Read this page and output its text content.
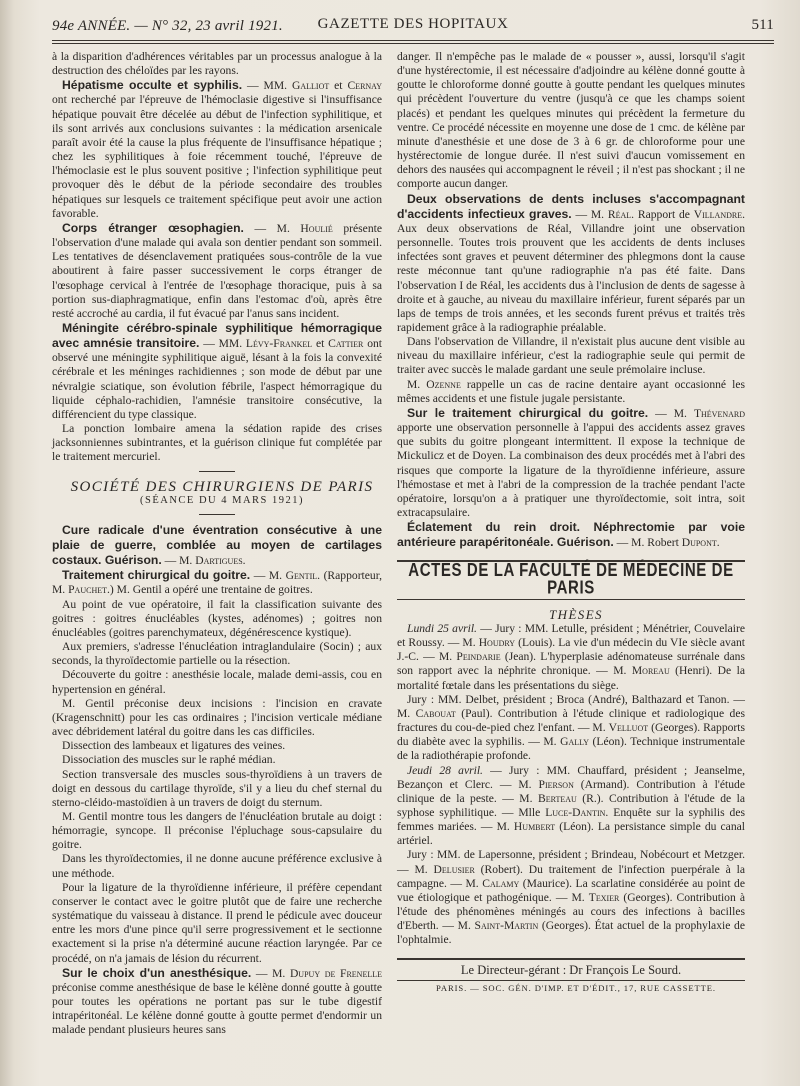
94e ANNÉE. — N° 32, 23 avril 1921.	GAZETTE DES HOPITAUX	511

à la disparition d'adhérences véritables par un processus analogue à la destruction des chéloïdes par les rayons.

Hépatisme occulte et syphilis. — MM. Galliot et Cernay ont recherché par l'épreuve de l'hémoclasie digestive si l'insuffisance hépatique pouvait être décelée au début de l'infection syphilitique, et ils sont arrivés aux conclusions suivantes : la médication arsenicale paraît avoir été la cause la plus fréquente de l'insuffisance hépatique ; chez les syphilitiques à foie récemment touché, l'épreuve de l'hémoclasie est le plus souvent positive ; l'infection syphilitique peut provoquer dès le début de la période secondaire des troubles hépatiques sur lesquels ce traitement spécifique peut avoir une action favorable.

Corps étranger œsophagien. — M. Houlié présente l'observation d'une malade qui avala son dentier pendant son sommeil. Les tentatives de désenclavement pratiquées sous-contrôle de la vue aboutirent à faire passer successivement le corps étranger de l'œsophage cervical à l'entrée de l'œsophage thoracique, puis à sa portion sus-diaphragmatique, enfin dans l'estomac d'où, après être resté accroché au cardia, il fut évacué par l'anus sans incident.

Méningite cérébro-spinale syphilitique hémorragique avec amnésie transitoire. — MM. Lévy-Frankel et Cattier ont observé une méningite syphilitique aiguë, lésant à la fois la convexité cérébrale et les méninges rachidiennes ; son mode de début par une névralgie sciatique, son évolution fébrile, l'aspect hémorragique du liquide céphalo-rachidien, l'amnésie transitoire consécutive, la différencient du type classique.

La ponction lombaire amena la sédation rapide des crises jacksonniennes subintrantes, et la guérison clinique fut complétée par le traitement mercuriel.

SOCIÉTÉ DES CHIRURGIENS DE PARIS

(SÉANCE DU 4 MARS 1921)

Cure radicale d'une éventration consécutive à une plaie de guerre, comblée au moyen de cartilages costaux. Guérison. — M. Dartigues.

Traitement chirurgical du goitre. — M. Gentil. (Rapporteur, M. Pauchet.) M. Gentil a opéré une trentaine de goitres.

Au point de vue opératoire, il fait la classification suivante des goitres : goitres énucléables (kystes, adénomes) ; goitres non énucléables (goitres parenchymateux, dégénérescence kystique).

Aux premiers, s'adresse l'énucléation intraglandulaire (Socin) ; aux seconds, la thyroïdectomie partielle ou la résection.

Découverte du goitre : anesthésie locale, malade demi-assis, cou en hypertension en général.

M. Gentil préconise deux incisions : l'incision en cravate (Kragenschnitt) pour les cas ordinaires ; l'incision verticale médiane avec débridement latéral du goitre dans les cas difficiles.

Dissection des lambeaux et ligatures des veines.

Dissociation des muscles sur le raphé médian.

Section transversale des muscles sous-thyroïdiens à un travers de doigt en dessous du cartilage thyroïde, s'il y a lieu du chef sternal du sterno-cléido-mastoïdien à un travers de doigt du sternum.

M. Gentil montre tous les dangers de l'énucléation brutale au doigt : hémorragie, syncope. Il préconise l'épluchage sous-capsulaire du goitre.

Dans les thyroïdectomies, il ne donne aucune préférence exclusive à une méthode.

Pour la ligature de la thyroïdienne inférieure, il préfère cependant conserver le contact avec le goitre plutôt que de faire une recherche systématique du vaisseau à distance. Il prend le pédicule avec douceur entre les mors d'une pince qu'il serre progressivement et le sectionne exactement si la prise n'a déterminé aucune réaction laryngée. Par ce procédé, on n'a jamais de lésion du récurrent.

Sur le choix d'un anesthésique. — M. Dupuy de Frenelle préconise comme anesthésique de base le kélène donné goutte à goutte pour toutes les opérations ne portant pas sur le tube digestif intrapéritonéal. Le kélène donné goutte à goutte permet d'endormir un malade pendant plusieurs heures sans

danger. Il n'empêche pas le malade de « pousser », aussi, lorsqu'il s'agit d'une hystérectomie, il est nécessaire d'adjoindre au kélène donné goutte à goutte le chloroforme donné goutte à goutte pendant les quelques minutes qui précèdent l'ouverture du ventre (jusqu'à ce que les champs soient placés) et pendant les quelques minutes qui précèdent la fermeture du ventre. Ce procédé nécessite en moyenne une dose de 1 cmc. de kélène par minute d'anesthésie et une dose de 3 à 6 gr. de chloroforme pour une hystérectomie de longue durée. Il n'est suivi d'aucun vomissement en dehors des nausées qui accompagnent le réveil ; il n'est pas shockant ; il ne comporte aucun danger.

Deux observations de dents incluses s'accompagnant d'accidents infectieux graves. — M. Réal. Rapport de Villandre. Aux deux observations de Réal, Villandre joint une observation personnelle. Toutes trois prouvent que les accidents de dents incluses infectées sont graves et peuvent déterminer des phlegmons dont la cause reste méconnue tant qu'une radiographie n'a pas été faite. Dans l'observation I de Réal, les accidents dus à l'inclusion de dents de sagesse à droite et à gauche, au niveau du maxillaire inférieur, furent séparés par un laps de temps de trois années, et les seconds furent prévus et traités très rapidement grâce à la radiographie préalable.

Dans l'observation de Villandre, il n'existait plus aucune dent visible au niveau du maxillaire inférieur, c'est la radiographie seule qui permit de traiter avec succès le malade gardant une seule prémolaire incluse.

M. Ozenne rappelle un cas de racine dentaire ayant occasionné les mêmes accidents et une fistule jugale persistante.

Sur le traitement chirurgical du goitre. — M. Thévenard apporte une observation personnelle à l'appui des accidents assez graves que subits du goitre plongeant intermittent. Il expose la technique de Mickulicz et de Doyen. La combinaison des deux procédés met à l'abri des risques que comporte la ligature de la thyroïdienne inférieure, assure l'hémostase et met à l'abri de la compression de la trachée pendant l'acte opératoire, lorsqu'on a à pratiquer une thyroïdectomie, soit intra, soit extracapsulaire.

Éclatement du rein droit. Néphrectomie par voie antérieure parapéritonéale. Guérison. — M. Robert Dupont.

ACTES DE LA FACULTÉ DE MÉDECINE DE PARIS

THÈSES

Lundi 25 avril. — Jury : MM. Letulle, président ; Ménétrier, Couvelaire et Roussy. — M. Houdry (Louis). La vie d'un médecin du VIe siècle avant J.-C. — M. Peindarie (Jean). L'hyperplasie adénomateuse surrénale dans son rapport avec la néphrite chronique. — M. Moreau (Henri). De la mortalité fœtale dans les présentations du siège.

Jury : MM. Delbet, président ; Broca (André), Balthazard et Tanon. — M. Cabouat (Paul). Contribution à l'étude clinique et radiologique des fractures du cou-de-pied chez l'enfant. — M. Velluot (Georges). Rapports du diabète avec la syphilis. — M. Gally (Léon). Technique instrumentale de la radiothérapie profonde.

Jeudi 28 avril. — Jury : MM. Chauffard, président ; Jeanselme, Bezançon et Clerc. — M. Pierson (Armand). Contribution à l'étude clinique de la peste. — M. Berteau (R.). Contribution à l'étude de la syphose syphilitique. — Mlle Luce-Dantin. Enquête sur la syphilis des femmes mariées. — M. Humbert (Léon). La persistance simple du canal artériel.

Jury : MM. de Lapersonne, président ; Brindeau, Nobécourt et Metzger. — M. Delusier (Robert). Du traitement de l'infection puerpérale à la campagne. — M. Calamy (Maurice). La scarlatine considérée au point de vue étiologique et pathogénique. — M. Texier (Georges). Contribution à l'étude des phénomènes méningés au cours des infections à bacilles d'Eberth. — M. Saint-Martin (Georges). État actuel de la prophylaxie de l'ophtalmie.

Le Directeur-gérant : Dr François Le Sourd.

PARIS. — SOC. GÉN. D'IMP. ET D'ÉDIT., 17, RUE CASSETTE.
